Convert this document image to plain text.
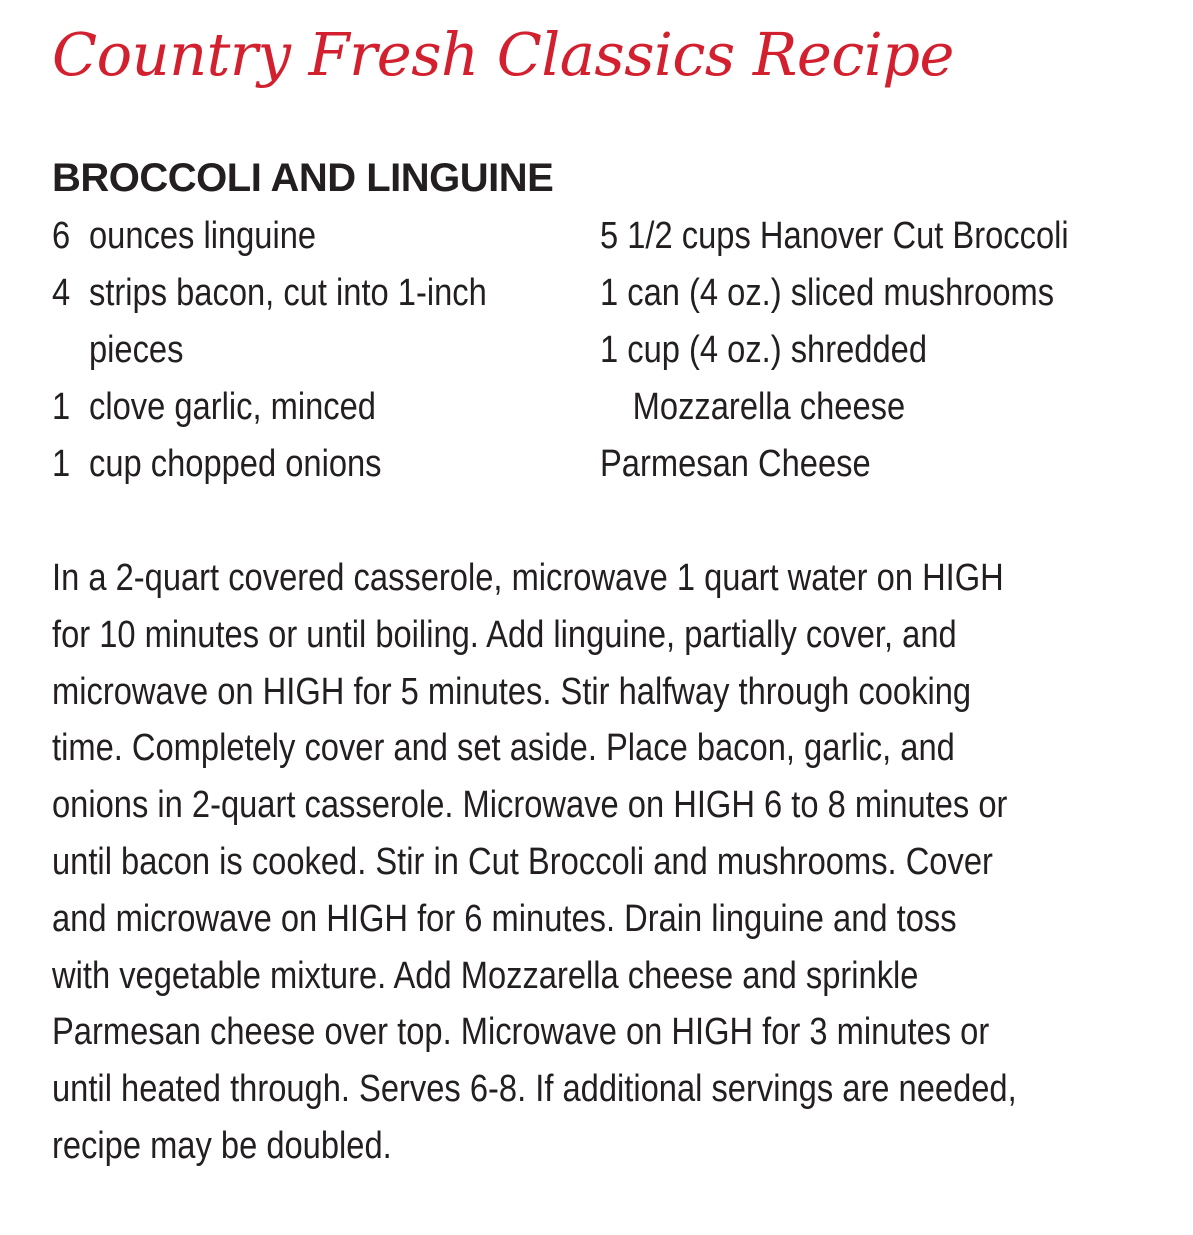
Country Fresh Classics Recipe
BROCCOLI AND LINGUINE
6 ounces linguine
4 strips bacon, cut into 1-inch
pieces
1 clove garlic, minced
1 cup chopped onions
5 1/2 cups Hanover Cut Broccoli
1 can (4 oz.) sliced mushrooms
1 cup (4 oz.) shredded
Mozzarella cheese
Parmesan Cheese

In a 2-quart covered casserole, microwave 1 quart water on HIGH
for 10 minutes or until boiling. Add linguine, partially cover, and
microwave on HIGH for 5 minutes. Stir halfway through cooking
time. Completely cover and set aside. Place bacon, garlic, and
onions in 2-quart casserole. Microwave on HIGH 6 to 8 minutes or
until bacon is cooked. Stir in Cut Broccoli and mushrooms. Cover
and microwave on HIGH for 6 minutes. Drain linguine and toss
with vegetable mixture. Add Mozzarella cheese and sprinkle
Parmesan cheese over top. Microwave on HIGH for 3 minutes or
until heated through. Serves 6-8. If additional servings are needed,
recipe may be doubled.
